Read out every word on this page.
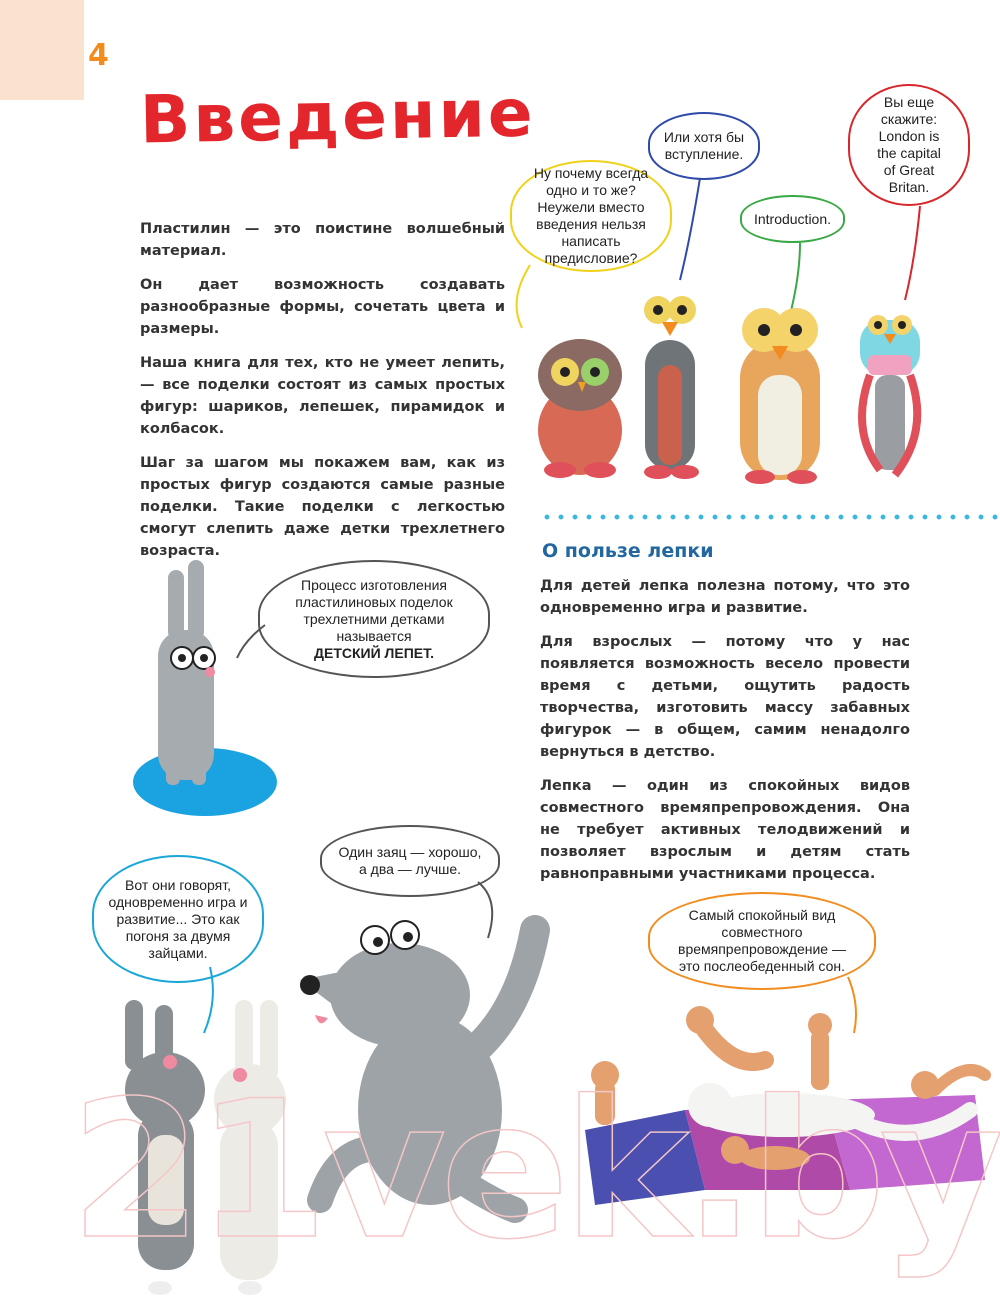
4
Введение

Пластилин — это поистине волшебный материал.

Он дает возможность создавать разнообразные формы, сочетать цвета и размеры.

Наша книга для тех, кто не умеет лепить, — все поделки состоят из самых простых фигур: шариков, лепешек, пирамидок и колбасок.

Шаг за шагом мы покажем вам, как из простых фигур создаются самые разные поделки. Такие поделки с легкостью смогут слепить даже детки трехлетнего возраста.

Ну почему всегда одно и то же? Неужели вместо введения нельзя написать предисловие?
Или хотя бы вступление.
Introduction.
Вы еще скажите: London is the capital of Great Britan.
О пользе лепки

Для детей лепка полезна потому, что это одновременно игра и развитие.

Для взрослых — потому что у нас появляется возможность весело провести время с детьми, ощутить радость творчества, изготовить массу забавных фигурок — в общем, самим ненадолго вернуться в детство.

Лепка — один из спокойных видов совместного времяпрепровождения. Она не требует активных телодвижений и позволяет взрослым и детям стать равноправными участниками процесса.

Процесс изготовления пластилиновых поделок трехлетними детками называется
ДЕТСКИЙ ЛЕПЕТ.
Вот они говорят, одновременно игра и развитие... Это как погоня за двумя зайцами.
Один заяц — хорошо, а два — лучше.
Самый спокойный вид совместного времяпрепровождение — это послеобеденный сон.
21vek.by
